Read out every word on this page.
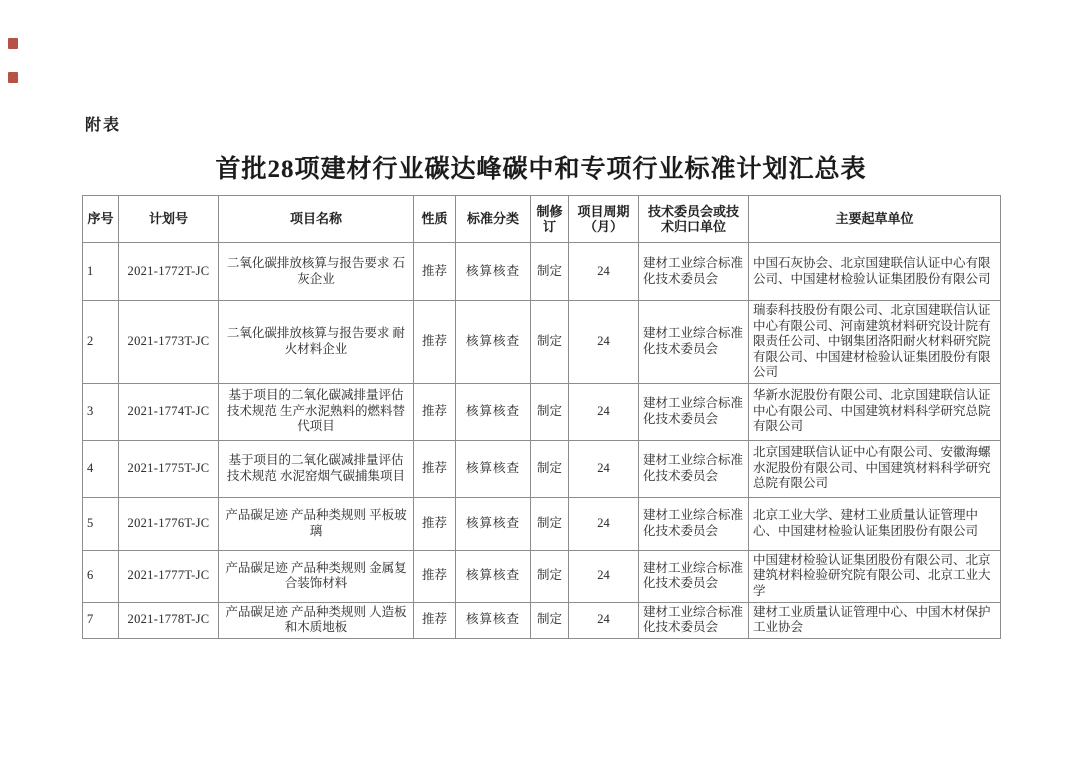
附表
首批28项建材行业碳达峰碳中和专项行业标准计划汇总表
序号	计划号	项目名称	性质	标准分类	制修订	项目周期（月）	技术委员会或技术归口单位	主要起草单位
1	2021-1772T-JC	二氧化碳排放核算与报告要求 石灰企业	推荐	核算核查	制定	24	建材工业综合标准化技术委员会	中国石灰协会、北京国建联信认证中心有限公司、中国建材检验认证集团股份有限公司
2	2021-1773T-JC	二氧化碳排放核算与报告要求 耐火材料企业	推荐	核算核查	制定	24	建材工业综合标准化技术委员会	瑞泰科技股份有限公司、北京国建联信认证中心有限公司、河南建筑材料研究设计院有限责任公司、中钢集团洛阳耐火材料研究院有限公司、中国建材检验认证集团股份有限公司
3	2021-1774T-JC	基于项目的二氧化碳减排量评估技术规范 生产水泥熟料的燃料替代项目	推荐	核算核查	制定	24	建材工业综合标准化技术委员会	华新水泥股份有限公司、北京国建联信认证中心有限公司、中国建筑材料科学研究总院有限公司
4	2021-1775T-JC	基于项目的二氧化碳减排量评估技术规范 水泥窑烟气碳捕集项目	推荐	核算核查	制定	24	建材工业综合标准化技术委员会	北京国建联信认证中心有限公司、安徽海螺水泥股份有限公司、中国建筑材料科学研究总院有限公司
5	2021-1776T-JC	产品碳足迹 产品种类规则 平板玻璃	推荐	核算核查	制定	24	建材工业综合标准化技术委员会	北京工业大学、建材工业质量认证管理中心、中国建材检验认证集团股份有限公司
6	2021-1777T-JC	产品碳足迹 产品种类规则 金属复合装饰材料	推荐	核算核查	制定	24	建材工业综合标准化技术委员会	中国建材检验认证集团股份有限公司、北京建筑材料检验研究院有限公司、北京工业大学
7	2021-1778T-JC	产品碳足迹 产品种类规则 人造板和木质地板	推荐	核算核查	制定	24	建材工业综合标准化技术委员会	建材工业质量认证管理中心、中国木材保护工业协会
